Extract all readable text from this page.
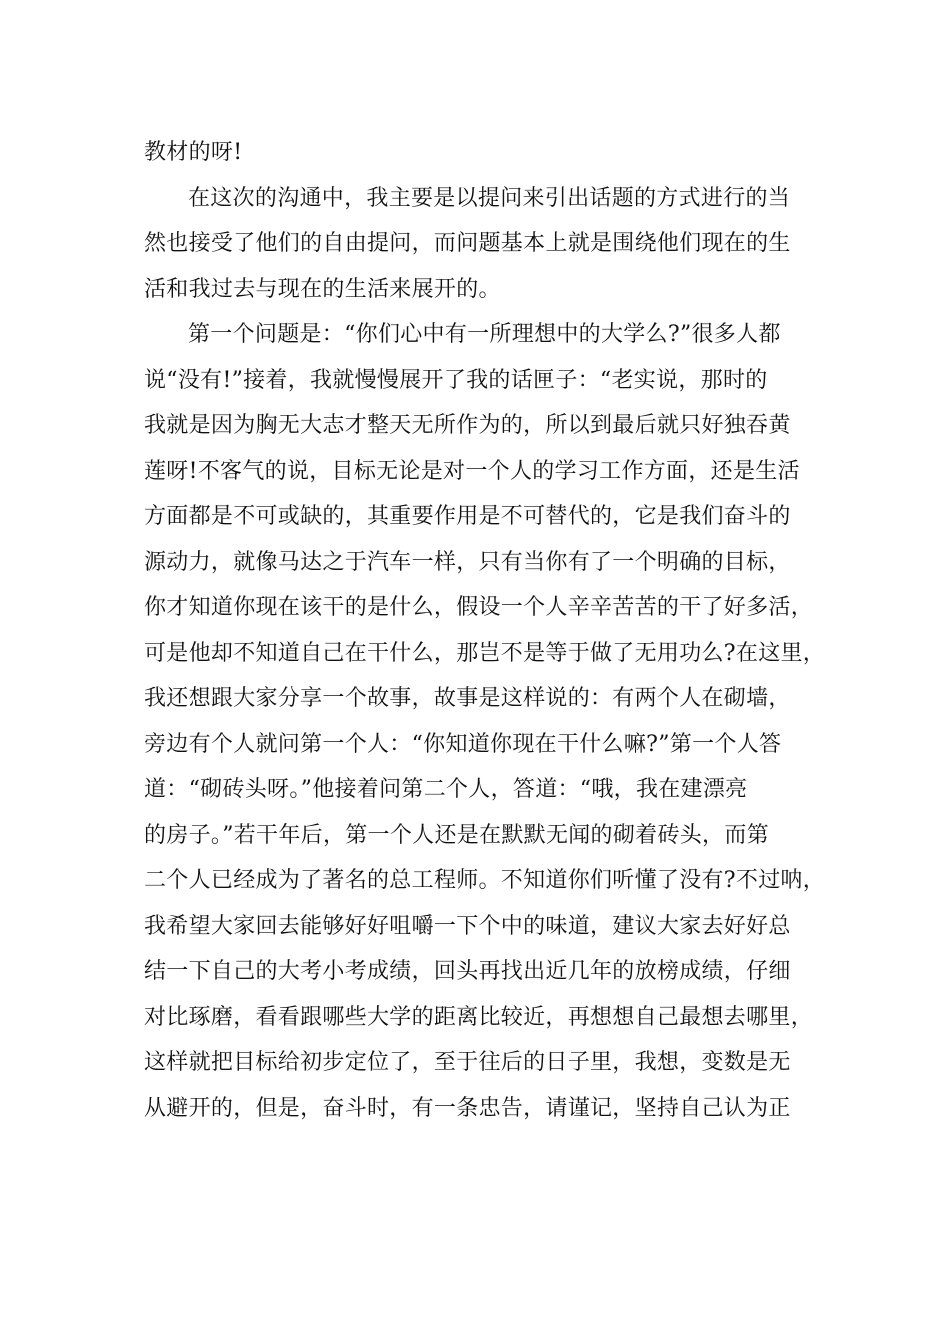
教材的呀!
在这次的沟通中，我主要是以提问来引出话题的方式进行的当
然也接受了他们的自由提问，而问题基本上就是围绕他们现在的生
活和我过去与现在的生活来展开的。
第一个问题是：“你们心中有一所理想中的大学么?”很多人都
说“没有!”接着，我就慢慢展开了我的话匣子：“老实说，那时的
我就是因为胸无大志才整天无所作为的，所以到最后就只好独吞黄
莲呀!不客气的说，目标无论是对一个人的学习工作方面，还是生活
方面都是不可或缺的，其重要作用是不可替代的，它是我们奋斗的
源动力，就像马达之于汽车一样，只有当你有了一个明确的目标，
你才知道你现在该干的是什么，假设一个人辛辛苦苦的干了好多活，
可是他却不知道自己在干什么，那岂不是等于做了无用功么?在这里，
我还想跟大家分享一个故事，故事是这样说的：有两个人在砌墙，
旁边有个人就问第一个人：“你知道你现在干什么嘛?”第一个人答
道：“砌砖头呀。”他接着问第二个人，答道：“哦，我在建漂亮
的房子。”若干年后，第一个人还是在默默无闻的砌着砖头，而第
二个人已经成为了著名的总工程师。不知道你们听懂了没有?不过呐，
我希望大家回去能够好好咀嚼一下个中的味道，建议大家去好好总
结一下自己的大考小考成绩，回头再找出近几年的放榜成绩，仔细
对比琢磨，看看跟哪些大学的距离比较近，再想想自己最想去哪里，
这样就把目标给初步定位了，至于往后的日子里，我想，变数是无
从避开的，但是，奋斗时，有一条忠告，请谨记，坚持自己认为正
